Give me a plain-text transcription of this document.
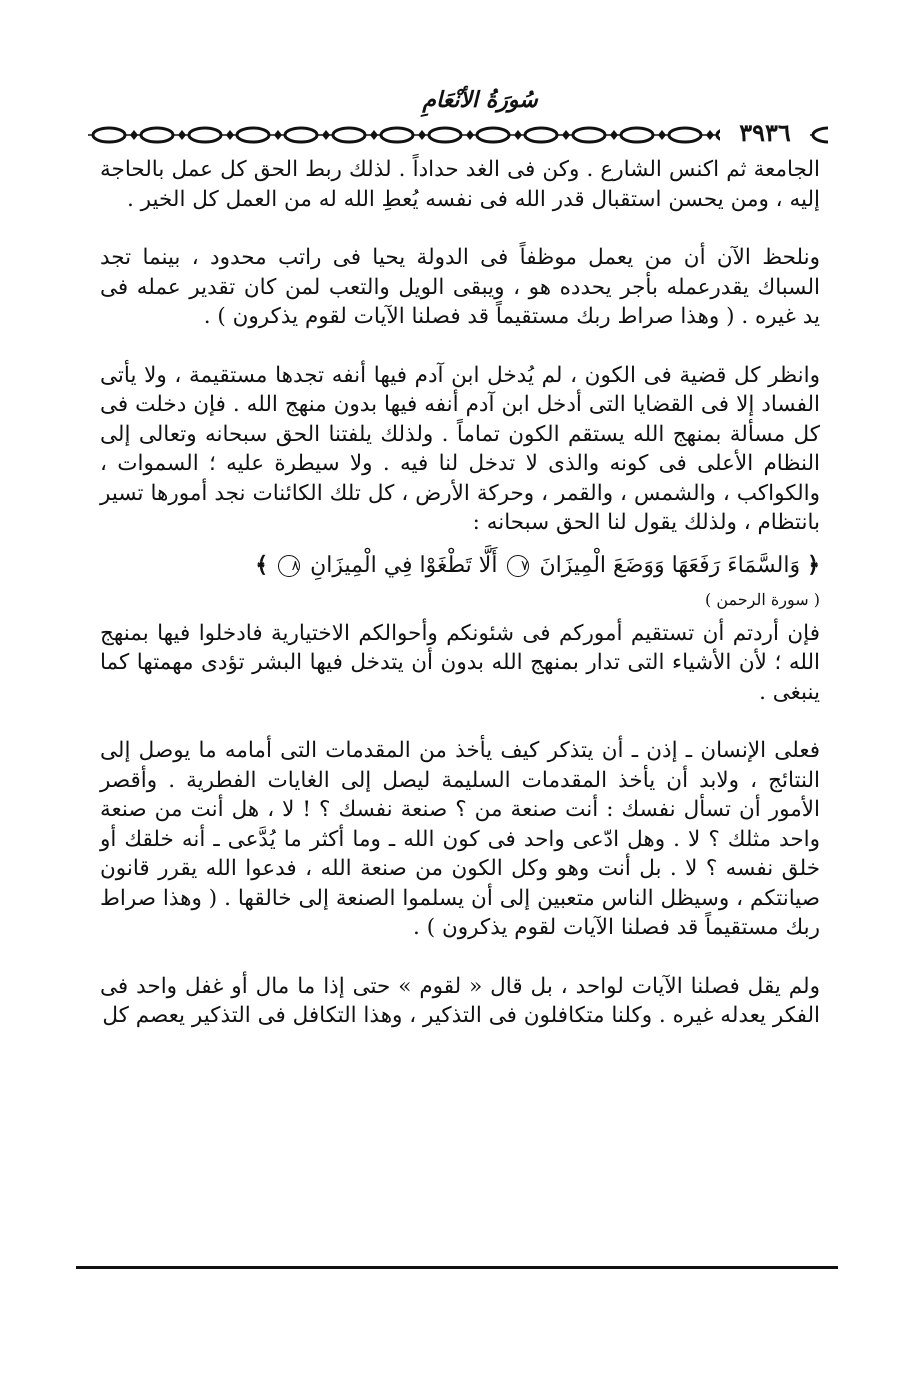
سُورَةُ الأنْعَامِ
٣٩٣٦

الجامعة ثم اكنس الشارع . وكن فى الغد حداداً . لذلك ربط الحق كل عمل بالحاجة إليه ، ومن يحسن استقبال قدر الله فى نفسه يُعطِ الله له من العمل كل الخير .

ونلحظ الآن أن من يعمل موظفاً فى الدولة يحيا فى راتب محدود ، بينما تجد السباك يقدرعمله بأجر يحدده هو ، ويبقى الويل والتعب لمن كان تقدير عمله فى يد غيره . ( وهذا صراط ربك مستقيماً قد فصلنا الآيات لقوم يذكرون ) .

وانظر كل قضية فى الكون ، لم يُدخل ابن آدم فيها أنفه تجدها مستقيمة ، ولا يأتى الفساد إلا فى القضايا التى أدخل ابن آدم أنفه فيها بدون منهج الله . فإن دخلت فى كل مسألة بمنهج الله يستقم الكون تماماً . ولذلك يلفتنا الحق سبحانه وتعالى إلى النظام الأعلى فى كونه والذى لا تدخل لنا فيه . ولا سيطرة عليه ؛ السموات ، والكواكب ، والشمس ، والقمر ، وحركة الأرض ، كل تلك الكائنات نجد أمورها تسير بانتظام ، ولذلك يقول لنا الحق سبحانه :

﴿ وَالسَّمَاءَ رَفَعَهَا وَوَضَعَ الْمِيزَانَ ٧ أَلَّا تَطْغَوْا فِي الْمِيزَانِ ٨ ﴾
( سورة الرحمن )

فإن أردتم أن تستقيم أموركم فى شئونكم وأحوالكم الاختيارية فادخلوا فيها بمنهج الله ؛ لأن الأشياء التى تدار بمنهج الله بدون أن يتدخل فيها البشر تؤدى مهمتها كما ينبغى .

فعلى الإنسان ـ إذن ـ أن يتذكر كيف يأخذ من المقدمات التى أمامه ما يوصل إلى النتائج ، ولابد أن يأخذ المقدمات السليمة ليصل إلى الغايات الفطرية . وأقصر الأمور أن تسأل نفسك : أنت صنعة من ؟ صنعة نفسك ؟ ! لا ، هل أنت من صنعة واحد مثلك ؟ لا . وهل ادّعى واحد فى كون الله ـ وما أكثر ما يُدَّعى ـ أنه خلقك أو خلق نفسه ؟ لا . بل أنت وهو وكل الكون من صنعة الله ، فدعوا الله يقرر قانون صيانتكم ، وسيظل الناس متعبين إلى أن يسلموا الصنعة إلى خالقها . ( وهذا صراط ربك مستقيماً قد فصلنا الآيات لقوم يذكرون ) .

ولم يقل فصلنا الآيات لواحد ، بل قال « لقوم » حتى إذا ما مال أو غفل واحد فى الفكر يعدله غيره . وكلنا متكافلون فى التذكير ، وهذا التكافل فى التذكير يعصم كل
